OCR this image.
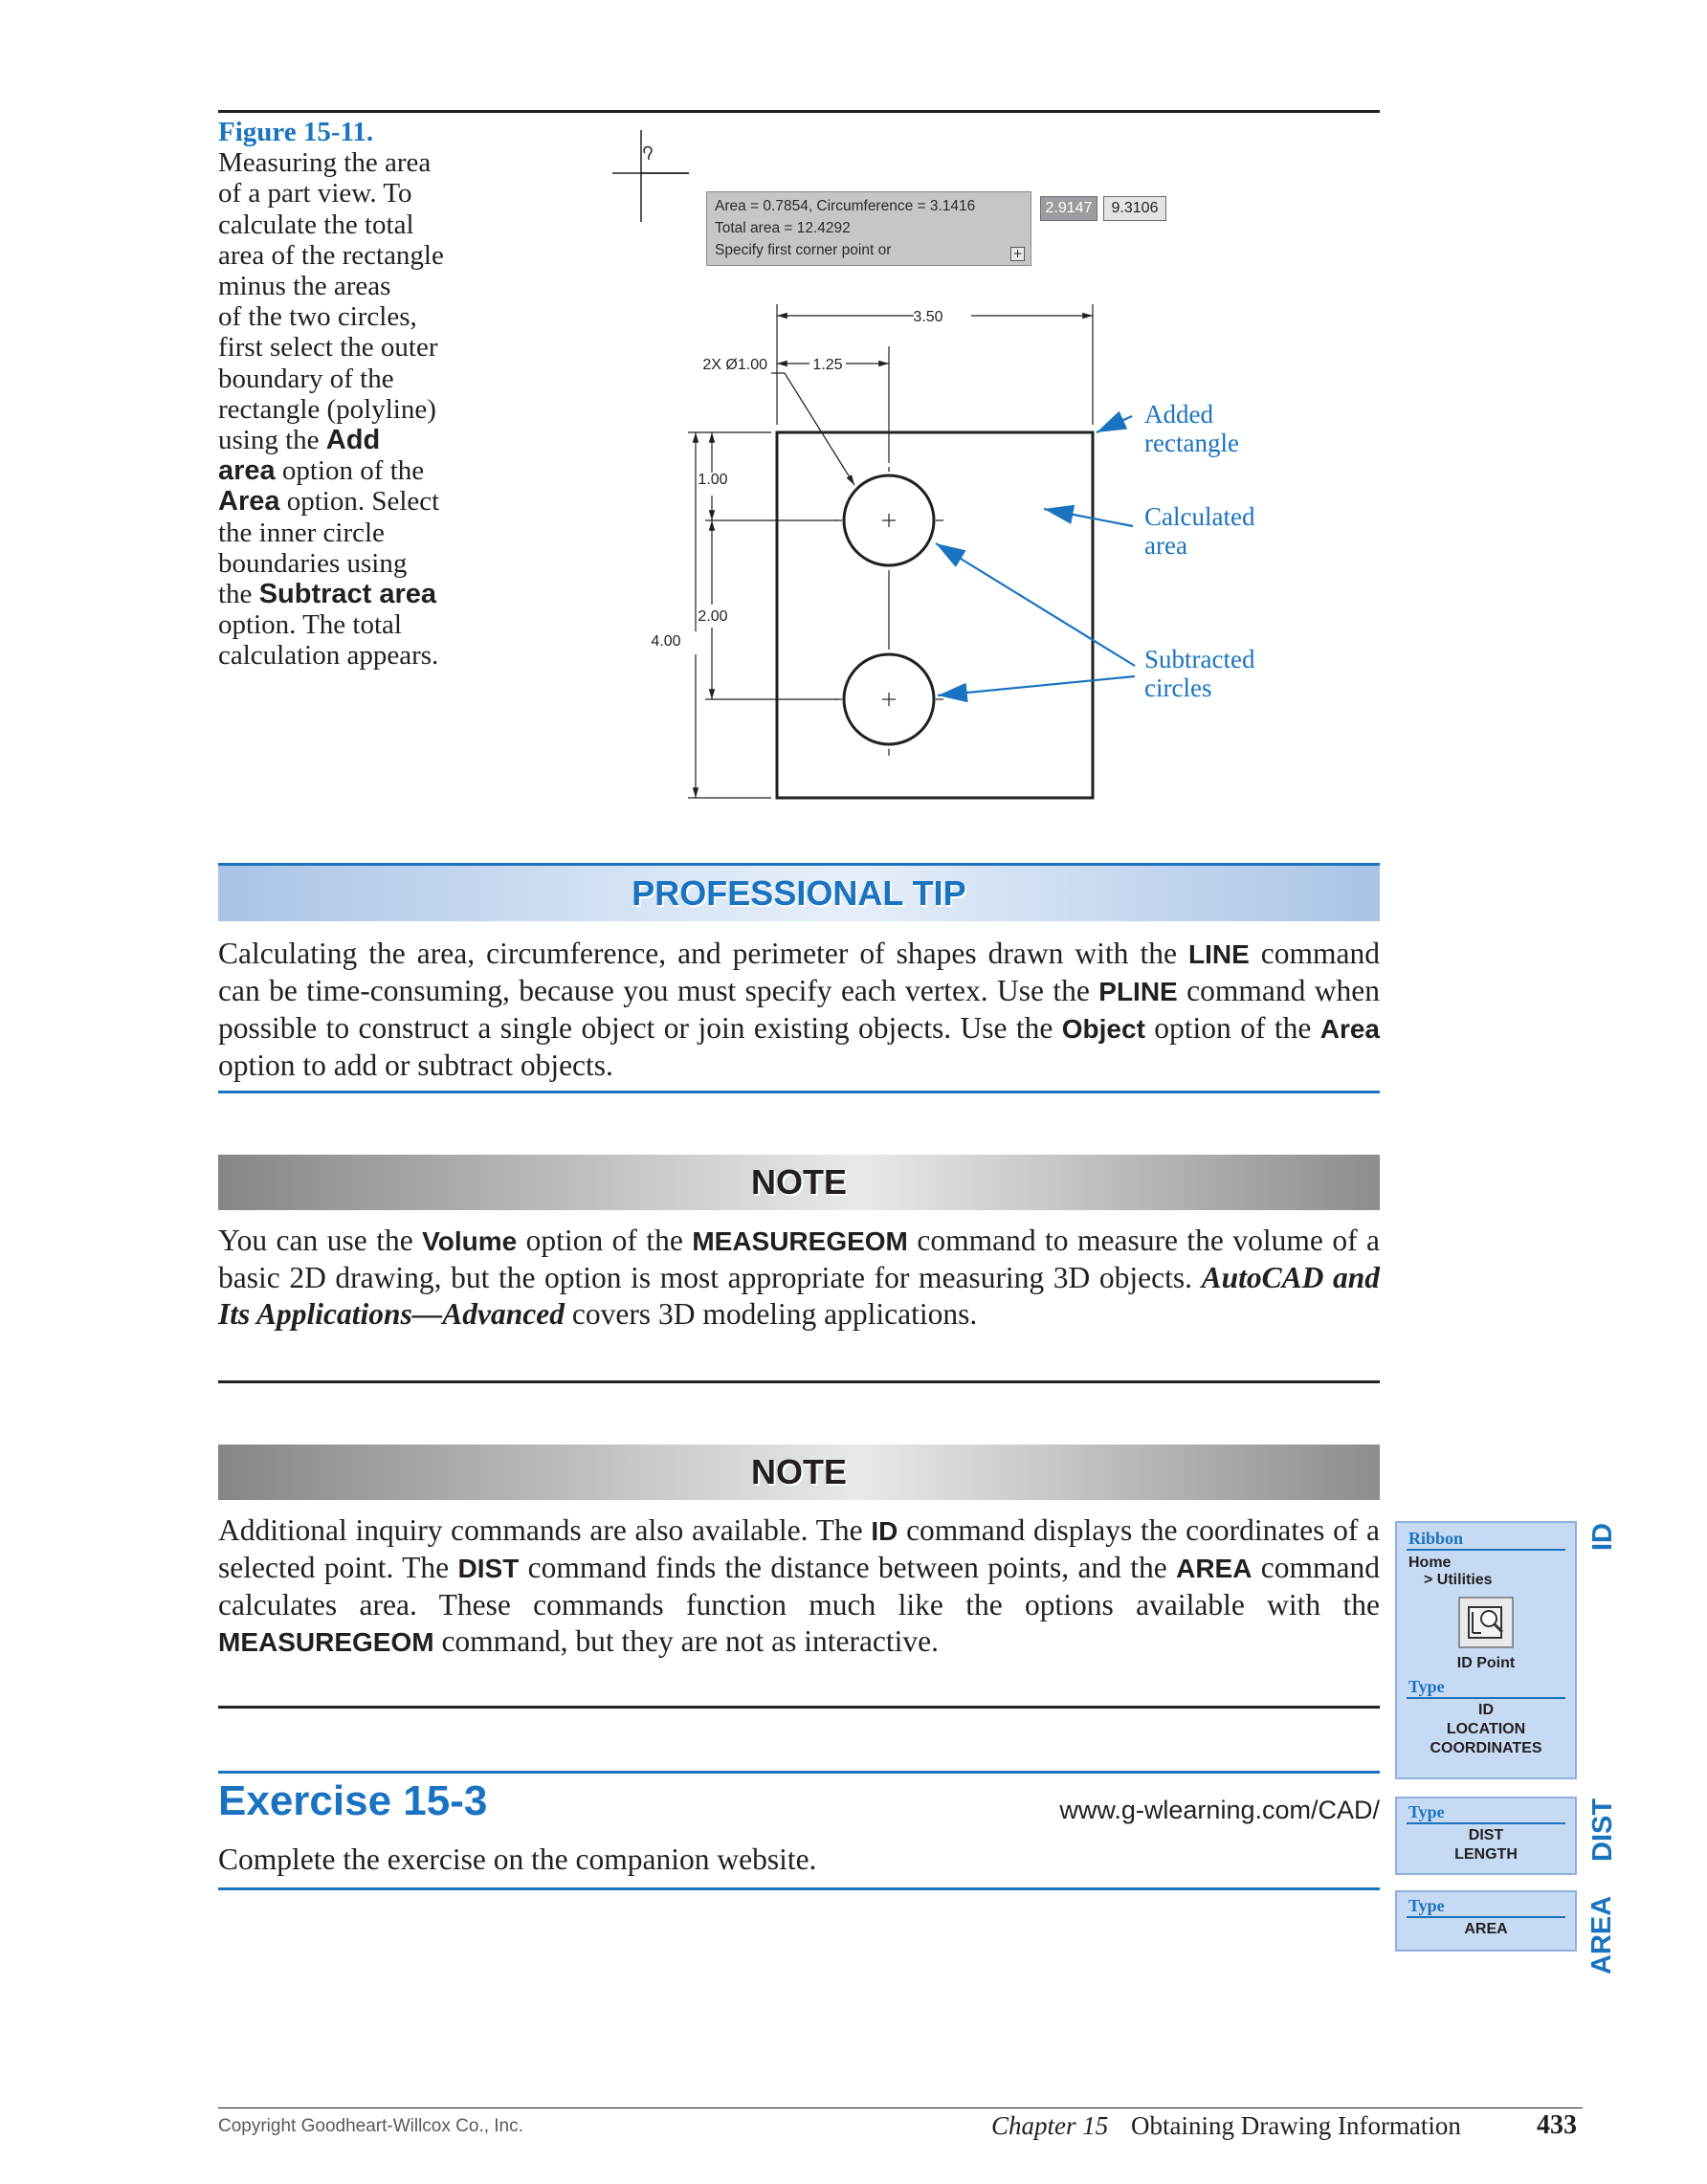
Figure 15-11.
Measuring the area
of a part view. To
calculate the total
area of the rectangle
minus the areas
of the two circles,
first select the outer
boundary of the
rectangle (polyline)
using the Add
area option of the
Area option. Select
the inner circle
boundaries using
the Subtract area
option. The total
calculation appears.
Area = 0.7854, Circumference = 3.1416
Total area = 12.4292
Specify first corner point or	+
2.9147	9.3106
3.50
1.25
2X Ø1.00
1.00
2.00
4.00
Added
rectangle
Calculated
area
Subtracted
circles
PROFESSIONAL TIP
Calculating the area, circumference, and perimeter of shapes drawn with the LINE command can be time-consuming, because you must specify each vertex. Use the PLINE command when possible to construct a single object or join existing objects. Use the Object option of the Area option to add or subtract objects.
NOTE
You can use the Volume option of the MEASUREGEOM command to measure the volume of a basic 2D drawing, but the option is most appropriate for measuring 3D objects. AutoCAD and Its Applications—Advanced covers 3D modeling applications.
NOTE
Additional inquiry commands are also available. The ID command displays the coordinates of a selected point. The DIST command finds the distance between points, and the AREA command calculates area. These commands function much like the options available with the MEASUREGEOM command, but they are not as interactive.
Exercise 15-3	www.g-wlearning.com/CAD/
Complete the exercise on the companion website.
Ribbon
Home
> Utilities
ID Point
Type
ID
LOCATION
COORDINATES
ID
Type
DIST
LENGTH	DIST
Type
AREA	AREA
Copyright Goodheart-Willcox Co., Inc.	Chapter 15 Obtaining Drawing Information	433
